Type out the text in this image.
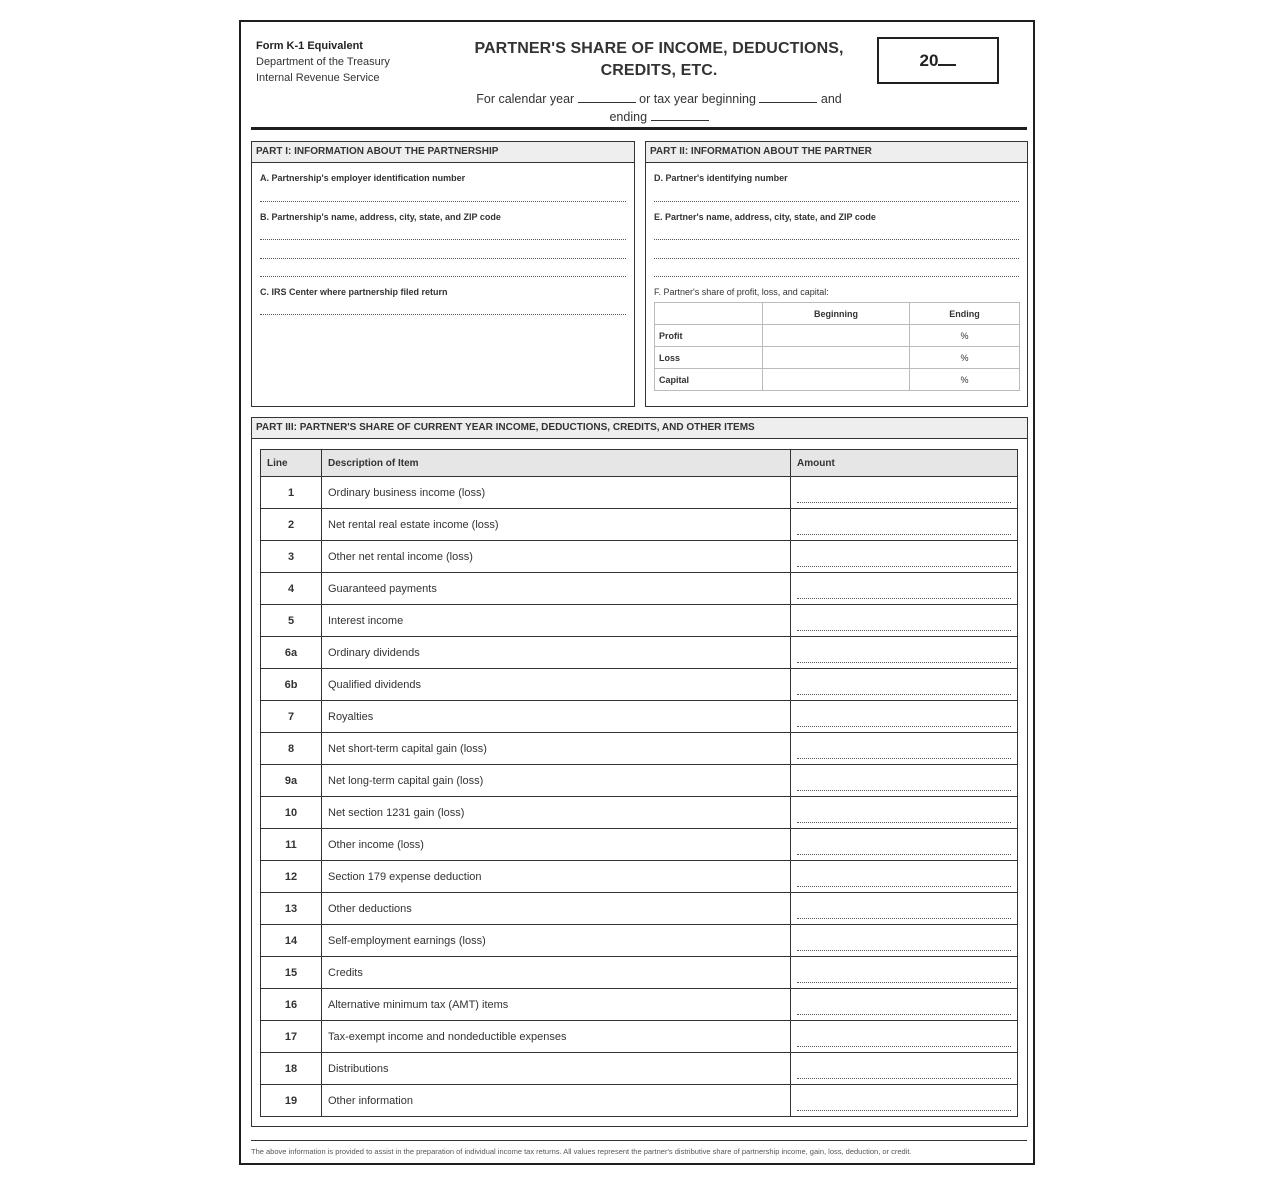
Form K-1 Equivalent
Department of the Treasury
Internal Revenue Service
PARTNER'S SHARE OF INCOME, DEDUCTIONS,
CREDITS, ETC.
For calendar year	or tax year beginning	and
ending
20
PART I: INFORMATION ABOUT THE PARTNERSHIP
A. Partnership's employer identification number
B. Partnership's name, address, city, state, and ZIP code
C. IRS Center where partnership filed return
PART II: INFORMATION ABOUT THE PARTNER
D. Partner's identifying number
E. Partner's name, address, city, state, and ZIP code
F. Partner's share of profit, loss, and capital:
	Beginning	Ending
Profit		%
Loss		%
Capital		%
PART III: PARTNER'S SHARE OF CURRENT YEAR INCOME, DEDUCTIONS, CREDITS, AND OTHER ITEMS
Line	Description of Item	Amount
1	Ordinary business income (loss)	

2	Net rental real estate income (loss)	

3	Other net rental income (loss)	

4	Guaranteed payments	

5	Interest income	

6a	Ordinary dividends	

6b	Qualified dividends	

7	Royalties	

8	Net short-term capital gain (loss)	

9a	Net long-term capital gain (loss)	

10	Net section 1231 gain (loss)	

11	Other income (loss)	

12	Section 179 expense deduction	

13	Other deductions	

14	Self-employment earnings (loss)	

15	Credits	

16	Alternative minimum tax (AMT) items	

17	Tax-exempt income and nondeductible expenses	

18	Distributions	

19	Other information	
The above information is provided to assist in the preparation of individual income tax returns. All values represent the partner's distributive share of partnership income, gain, loss, deduction, or credit.
